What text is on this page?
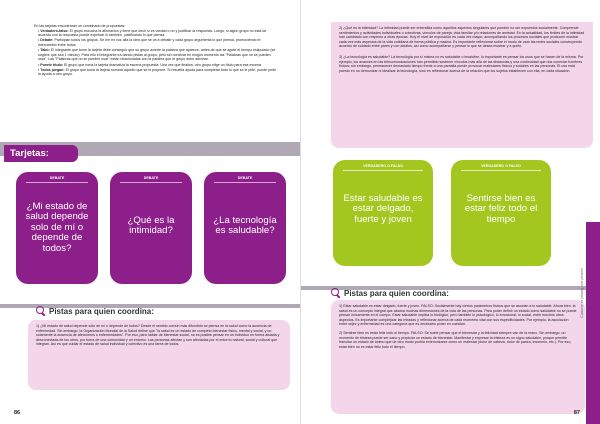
En las tarjetas encontrarán un combinado de propuestas:

• Verdadero-falso: El grupo escucha la afirmación y tiene que decir si es verdad o no y justificar la respuesta. Luego, si algún grupo no está de acuerdo con la respuesta puede expresar lo también, justificando lo que piensa.
• Debate: Participan todos los grupos. Se lee en voz alta la idea que se va a debatir y cada grupo argumenta lo que piensa, promoviendo el intercambio entre todos.
• Tabú: El integrante que tome la tarjeta debe conseguir que su grupo acierte la palabra que aparece, antes de que se agote el tiempo estipulado (se sugiere que sea 1 minuto). Para ello el integrante irá dando pistas al grupo, pero sin nombrar en ningún momento las "Palabras que no se pueden usar". Las "Palabras que no se pueden usar" están relacionadas con la palabra que el grupo debe adivinar.
• Ponele título: El grupo que toma la tarjeta dramatiza la escena propuesta. Una vez que finaliza, otro grupo elige un título para esa escena.
• Todos juegan: El grupo que toma la tarjeta nombra aquello que se le propone. Si resuelta ayuda para completar todo lo que se le pide, puede pedir la ayuda a otro grupo.
Tarjetas:
DEBATE
¿Mi estado de salud depende solo de mí o depende de todos?
DEBATE
¿Qué es la intimidad?
DEBATE
¿La tecnología es saludable?
Pistas para quien coordina:

1) ¿Mi estado de salud depende sólo de mí o depende de todos? Desde el sentido común más difundido se piensa en la salud como la ausencia de enfermedad. Sin embargo, la Organización Mundial de la Salud define que "la salud es un estado de completo bienestar físico, mental y social, y no solamente la ausencia de afecciones o enfermedades". Por eso, para hablar de bienestar social, no es posible pensar en un individuo en forma aislada y desconectada de los otros, por fuera de una comunidad y un entorno. Las personas afectan y son afectadas por el entorno natural, social y cultural que integran. Así es que cuidar el estado de salud individual y colectivo es una tarea de todos.

86

2) ¿Qué es la intimidad? La intimidad puede ser entendida como aquellos aspectos singulares que pueden no ser expuestos socialmente. Comprende sentimientos y actividades individuales o colectivas, vínculos de pareja, vida familiar y/o relaciones de amistad. En la actualidad, los límites de la intimidad han cambiado con respecto a otras épocas. Hoy el nivel de exposición es cada vez mayor, acompañando los procesos sociales que producen mostrar cada vez más aspectos de la vida cotidiana de forma pública y masiva. Es importante reflexionar sobre el modo de usar las redes sociales construyendo acuerdo de cuidado entre pares y con adultos, así como acompañarse y pensar lo que se desea mostrar y a quién.

3) ¿La tecnología es saludable? La tecnología por sí misma no es saludable o insalubre, lo importante es pensar los usos que se hacen de la misma. Por ejemplo, los avances en las telecomunicaciones han permitido sostener vínculos más allá de las distancias y una continuidad que dos conectar hombres físicos; sin embargo, permanecer demasiado tiempo frente a una pantalla puede provocar malestares físicos y sociales en las personas. El uso está puesto en no demonizar ni idealizar la tecnología, sino en reflexionar acerca de la relación que los sujetos establecen con ella, en cada situación.

VERDADERO O FALSO
Estar saludable es estar delgado, fuerte y joven
VERDADERO O FALSO
Sentirse bien es estar feliz todo el tiempo
Pistas para quien coordina:

1) Estar saludable es estar delgado, fuerte y joven. FALSO: Socialmente hay ciertos parámetros físicos que se asocian a lo saludable. Ahora bien, la salud es un concepto integral que abarca muchas dimensiones de la vida de las personas. Para poder definir un estado como saludable no se puede pensar únicamente en el cuerpo. Estar saludable implica lo biológico, pero también lo psicológico, lo emocional, lo social, entre muchos otros aspectos. Es importante complejizar las miradas y reflexionar acerca de cada momento vital con sus especificidades. Por ejemplo, la asociación entre vejez y enfermedad es una categoría que es necesario poner en cuestión.

2) Sentirse bien es estar feliz todo el tiempo. FALSO: Se suele pensar que el bienestar y la felicidad siempre van de la mano. Sin embargo, un momento de tristeza puede ser sano y propiciar un estado de bienestar. Manifestar y expresar la tristeza es un signo saludable, porque permite transitar un estado de ánimo que de otro modo podría exteriorizarse como un malestar (dolor de cabeza, dolor de panza, insomnio, etc.). Por eso, estar bien no es estar feliz todo el tiempo.

Cuidarse es [mmm], vivir primero
87
